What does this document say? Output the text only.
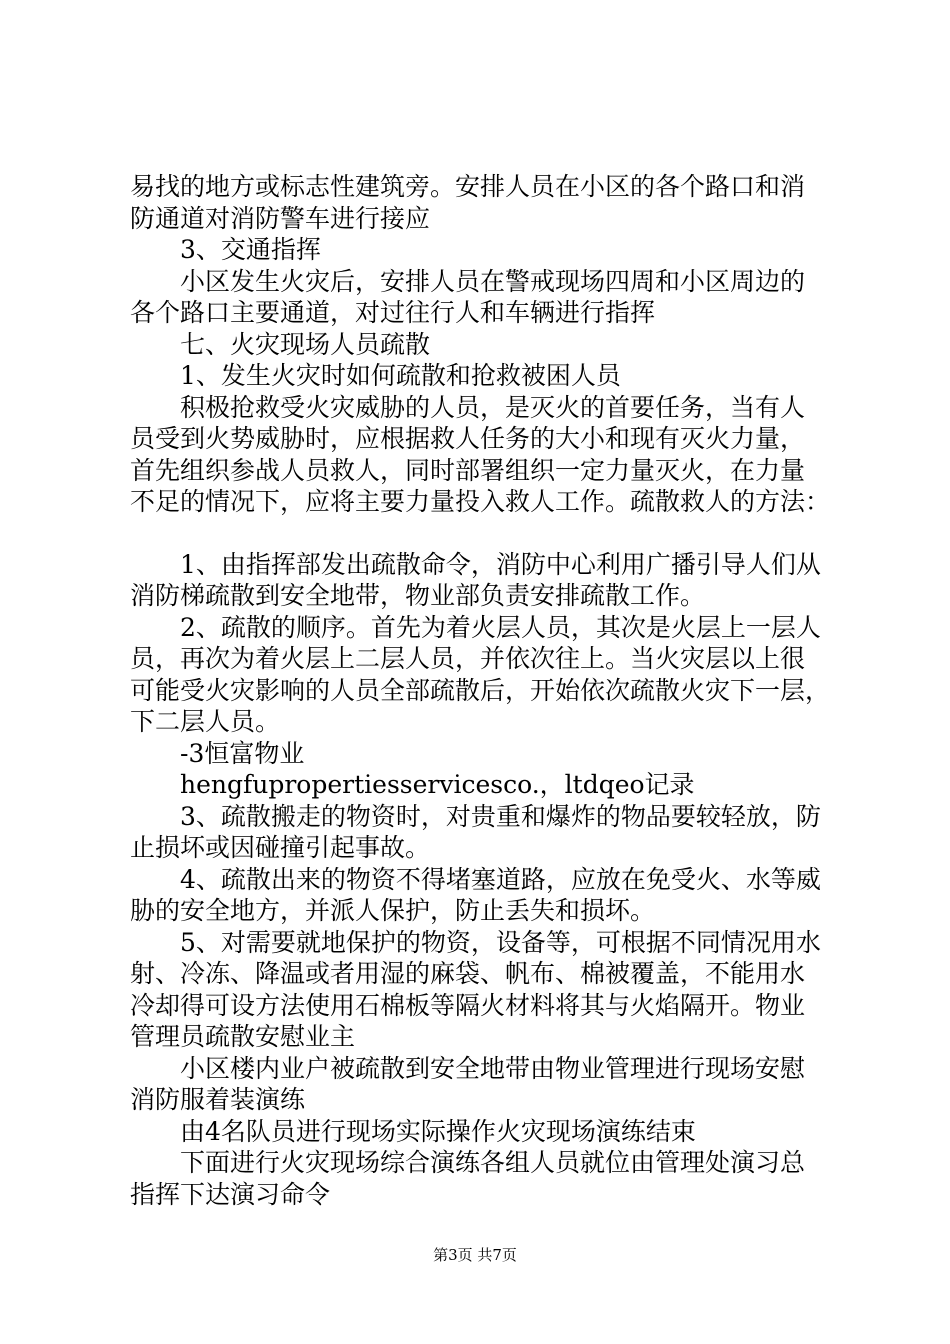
易找的地方或标志性建筑旁。安排人员在小区的各个路口和消
防通道对消防警车进行接应
3、交通指挥
小区发生火灾后，安排人员在警戒现场四周和小区周边的
各个路口主要通道，对过往行人和车辆进行指挥
七、火灾现场人员疏散
1、发生火灾时如何疏散和抢救被困人员
积极抢救受火灾威胁的人员，是灭火的首要任务，当有人
员受到火势威胁时，应根据救人任务的大小和现有灭火力量，
首先组织参战人员救人，同时部署组织一定力量灭火，在力量
不足的情况下，应将主要力量投入救人工作。疏散救人的方法：
1、由指挥部发出疏散命令，消防中心利用广播引导人们从
消防梯疏散到安全地带，物业部负责安排疏散工作。
2、疏散的顺序。首先为着火层人员，其次是火层上一层人
员，再次为着火层上二层人员，并依次往上。当火灾层以上很
可能受火灾影响的人员全部疏散后，开始依次疏散火灾下一层，
下二层人员。
-3恒富物业
hengfupropertiesservicesco.，ltdqeo记录
3、疏散搬走的物资时，对贵重和爆炸的物品要较轻放，防
止损坏或因碰撞引起事故。
4、疏散出来的物资不得堵塞道路，应放在免受火、水等威
胁的安全地方，并派人保护，防止丢失和损坏。
5、对需要就地保护的物资，设备等，可根据不同情况用水
射、冷冻、降温或者用湿的麻袋、帆布、棉被覆盖，不能用水
冷却得可设方法使用石棉板等隔火材料将其与火焰隔开。物业
管理员疏散安慰业主
小区楼内业户被疏散到安全地带由物业管理进行现场安慰
消防服着装演练
由4名队员进行现场实际操作火灾现场演练结束
下面进行火灾现场综合演练各组人员就位由管理处演习总
指挥下达演习命令
第3页 共7页
